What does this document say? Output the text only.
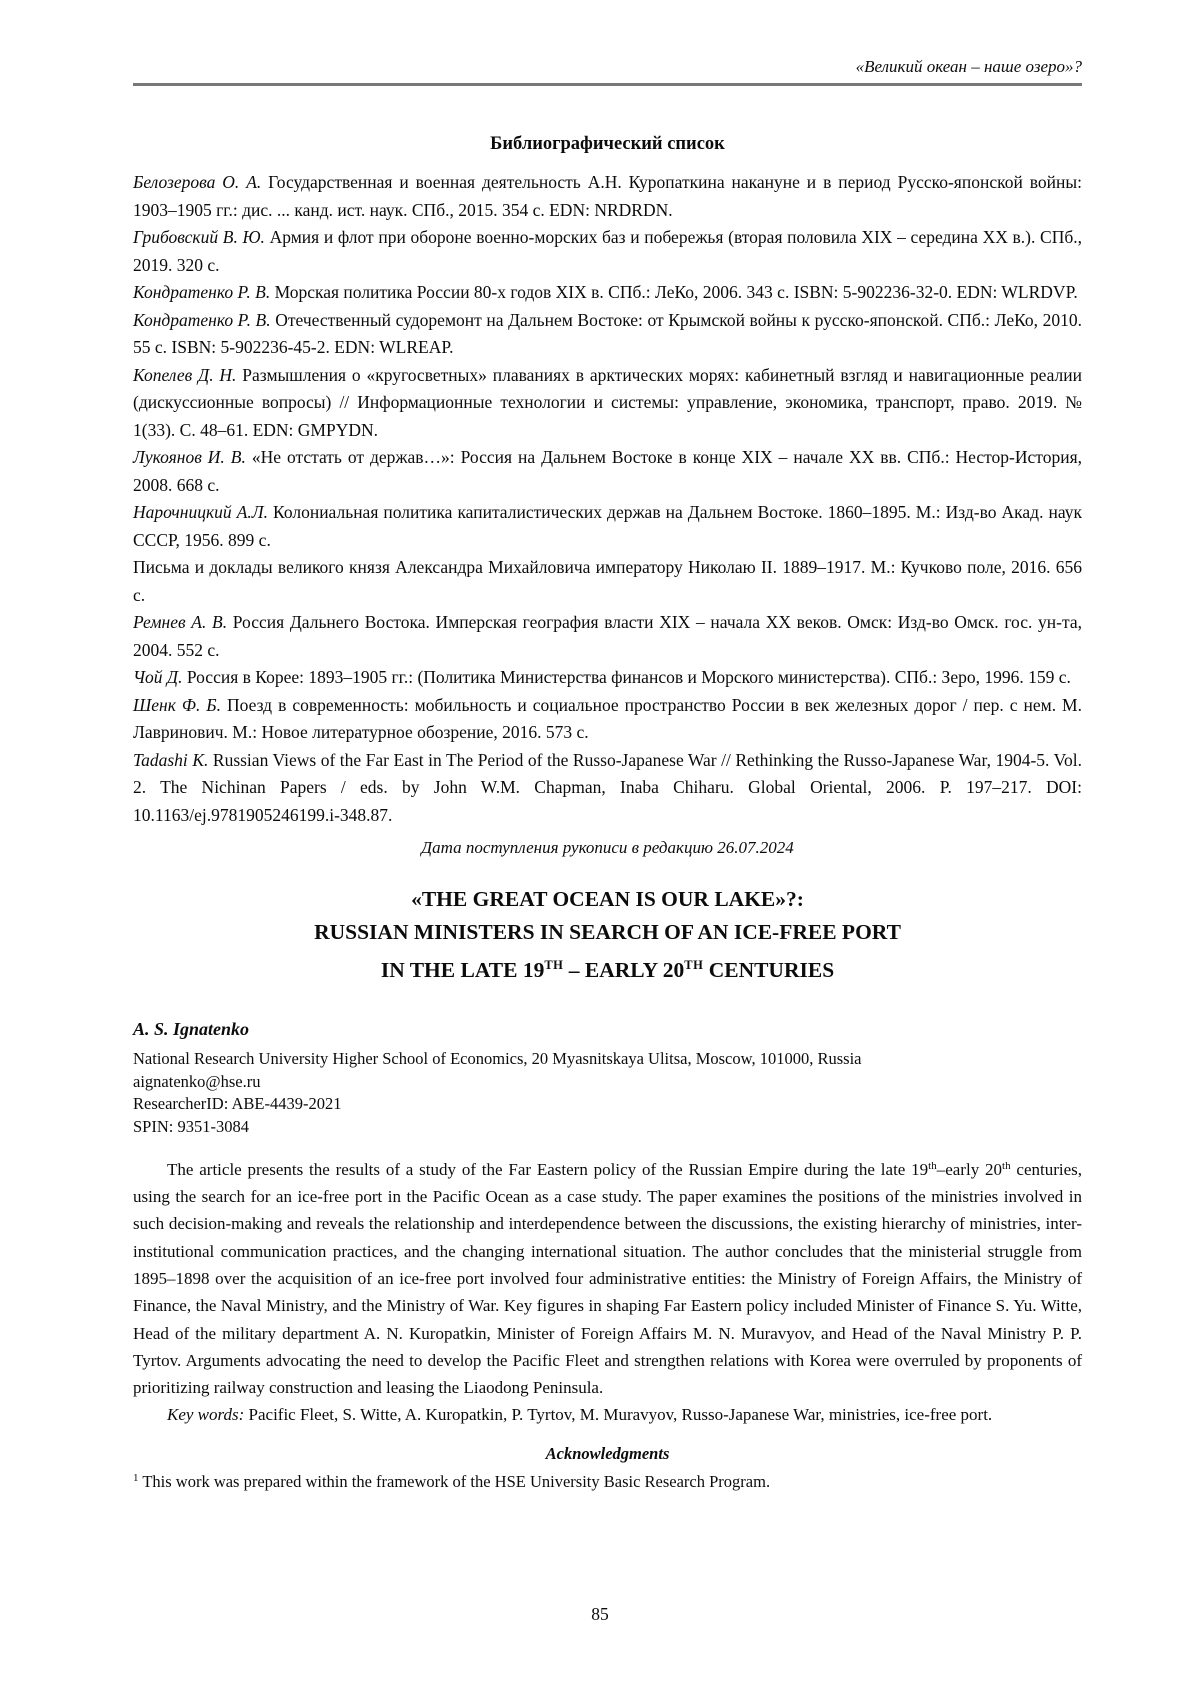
«Великий океан – наше озеро»?
Библиографический список

Белозерова О. А. Государственная и военная деятельность А.Н. Куропаткина накануне и в период Русско-японской войны: 1903–1905 гг.: дис. ... канд. ист. наук. СПб., 2015. 354 с. EDN: NRDRDN.

Грибовский В. Ю. Армия и флот при обороне военно-морских баз и побережья (вторая половила XIX – середина XX в.). СПб., 2019. 320 с.

Кондратенко Р. В. Морская политика России 80-х годов XIX в. СПб.: ЛеКо, 2006. 343 с. ISBN: 5-902236-32-0. EDN: WLRDVP.

Кондратенко Р. В. Отечественный судоремонт на Дальнем Востоке: от Крымской войны к русско-японской. СПб.: ЛеКо, 2010. 55 с. ISBN: 5-902236-45-2. EDN: WLREAP.

Копелев Д. Н. Размышления о «кругосветных» плаваниях в арктических морях: кабинетный взгляд и навигационные реалии (дискуссионные вопросы) // Информационные технологии и системы: управление, экономика, транспорт, право. 2019. № 1(33). С. 48–61. EDN: GMPYDN.

Лукоянов И. В. «Не отстать от держав…»: Россия на Дальнем Востоке в конце XIX – начале XX вв. СПб.: Нестор-История, 2008. 668 с.

Нарочницкий А.Л. Колониальная политика капиталистических держав на Дальнем Востоке. 1860–1895. М.: Изд-во Акад. наук СССР, 1956. 899 с.

Письма и доклады великого князя Александра Михайловича императору Николаю II. 1889–1917. М.: Кучково поле, 2016. 656 с.

Ремнев А. В. Россия Дальнего Востока. Имперская география власти XIX – начала XX веков. Омск: Изд-во Омск. гос. ун-та, 2004. 552 с.

Чой Д. Россия в Корее: 1893–1905 гг.: (Политика Министерства финансов и Морского министерства). СПб.: Зеро, 1996. 159 с.

Шенк Ф. Б. Поезд в современность: мобильность и социальное пространство России в век железных дорог / пер. с нем. М. Лавринович. М.: Новое литературное обозрение, 2016. 573 с.

Tadashi K. Russian Views of the Far East in The Period of the Russo-Japanese War // Rethinking the Russo-Japanese War, 1904-5. Vol. 2. The Nichinan Papers / eds. by John W.M. Chapman, Inaba Chiharu. Global Oriental, 2006. P. 197–217. DOI: 10.1163/ej.9781905246199.i-348.87.

Дата поступления рукописи в редакцию 26.07.2024
«THE GREAT OCEAN IS OUR LAKE»?:
RUSSIAN MINISTERS IN SEARCH OF AN ICE-FREE PORT
IN THE LATE 19TH – EARLY 20TH CENTURIES
A. S. Ignatenko
National Research University Higher School of Economics, 20 Myasnitskaya Ulitsa, Moscow, 101000, Russia
aignatenko@hse.ru
ResearcherID: ABE-4439-2021
SPIN: 9351-3084
The article presents the results of a study of the Far Eastern policy of the Russian Empire during the late 19th–early 20th centuries, using the search for an ice-free port in the Pacific Ocean as a case study. The paper examines the positions of the ministries involved in such decision-making and reveals the relationship and interdependence between the discussions, the existing hierarchy of ministries, inter-institutional communication practices, and the changing international situation. The author concludes that the ministerial struggle from 1895–1898 over the acquisition of an ice-free port involved four administrative entities: the Ministry of Foreign Affairs, the Ministry of Finance, the Naval Ministry, and the Ministry of War. Key figures in shaping Far Eastern policy included Minister of Finance S. Yu. Witte, Head of the military department A. N. Kuropatkin, Minister of Foreign Affairs M. N. Muravyov, and Head of the Naval Ministry P. P. Tyrtov. Arguments advocating the need to develop the Pacific Fleet and strengthen relations with Korea were overruled by proponents of prioritizing railway construction and leasing the Liaodong Peninsula.
Key words: Pacific Fleet, S. Witte, A. Kuropatkin, P. Tyrtov, M. Muravyov, Russo-Japanese War, ministries, ice-free port.
Acknowledgments
$^1$ This work was prepared within the framework of the HSE University Basic Research Program.
85
